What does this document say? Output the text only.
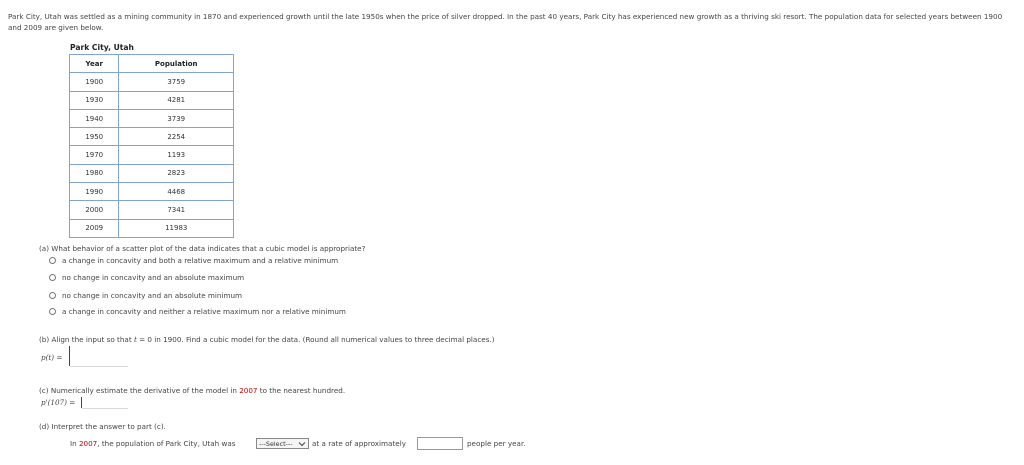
Park City, Utah was settled as a mining community in 1870 and experienced growth until the late 1950s when the price of silver dropped. In the past 40 years, Park City has experienced new growth as a thriving ski resort. The population data for selected years between 1900 and 2009 are given below.
Park City, Utah
Year	Population
1900	3759
1930	4281
1940	3739
1950	2254
1970	1193
1980	2823
1990	4468
2000	7341
2009	11983
(a) What behavior of a scatter plot of the data indicates that a cubic model is appropriate?
a change in concavity and both a relative maximum and a relative minimum
no change in concavity and an absolute maximum
no change in concavity and an absolute minimum
a change in concavity and neither a relative maximum nor a relative minimum
(b) Align the input so that t = 0 in 1900. Find a cubic model for the data. (Round all numerical values to three decimal places.)
p(t) =
(c) Numerically estimate the derivative of the model in 2007 to the nearest hundred.
p'(107) =
(d) Interpret the answer to part (c).
In 2007, the population of Park City, Utah was	---Select---	at a rate of approximately	people per year.
